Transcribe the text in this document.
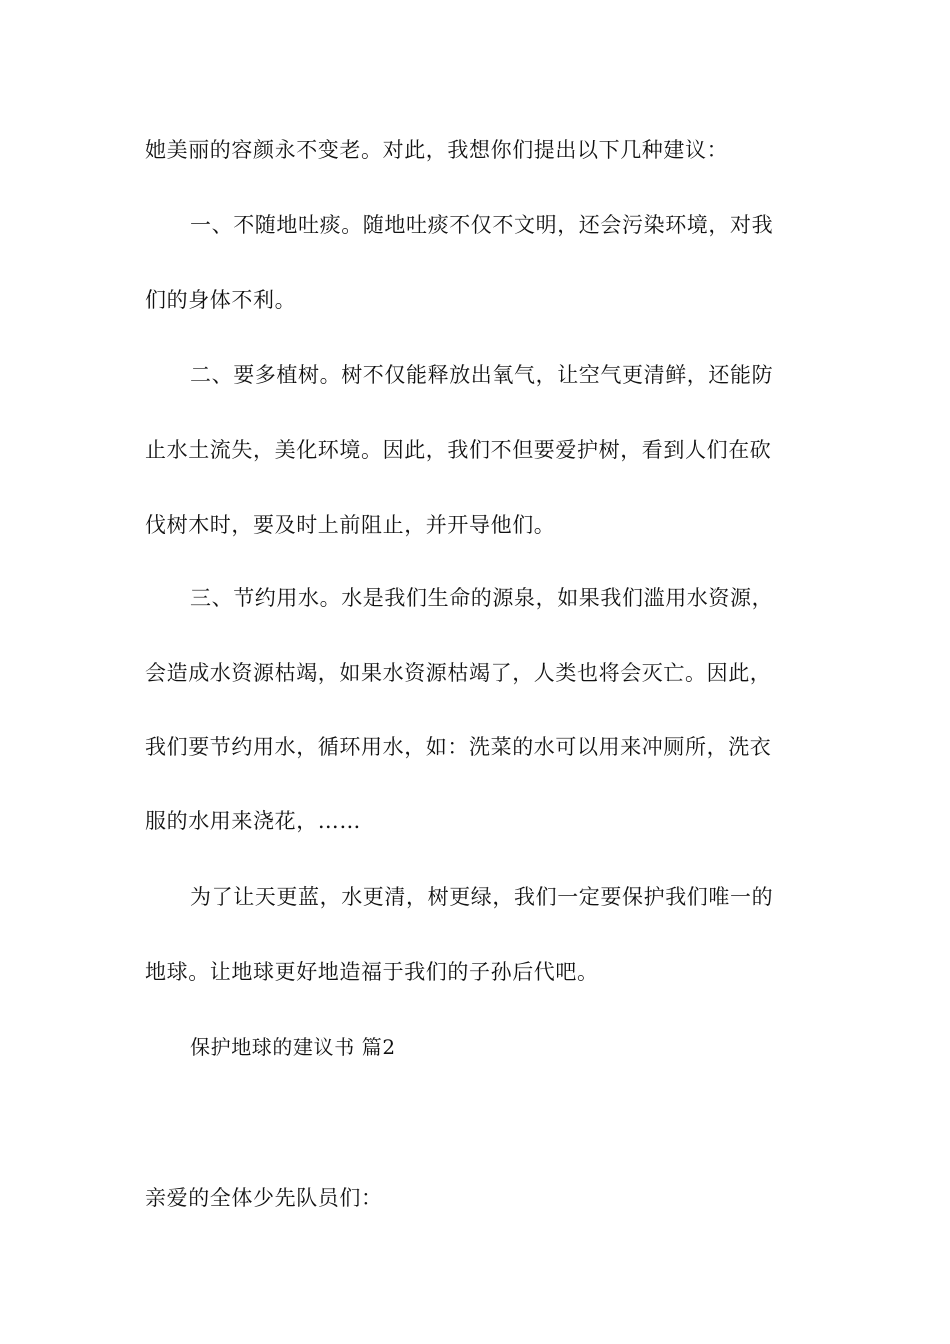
她美丽的容颜永不变老。对此，我想你们提出以下几种建议：
一、不随地吐痰。随地吐痰不仅不文明，还会污染环境，对我
们的身体不利。
二、要多植树。树不仅能释放出氧气，让空气更清鲜，还能防
止水土流失，美化环境。因此，我们不但要爱护树，看到人们在砍
伐树木时，要及时上前阻止，并开导他们。
三、节约用水。水是我们生命的源泉，如果我们滥用水资源，
会造成水资源枯竭，如果水资源枯竭了，人类也将会灭亡。因此，
我们要节约用水，循环用水，如：洗菜的水可以用来冲厕所，洗衣
服的水用来浇花，……
为了让天更蓝，水更清，树更绿，我们一定要保护我们唯一的
地球。让地球更好地造福于我们的子孙后代吧。
保护地球的建议书 篇2
亲爱的全体少先队员们：
